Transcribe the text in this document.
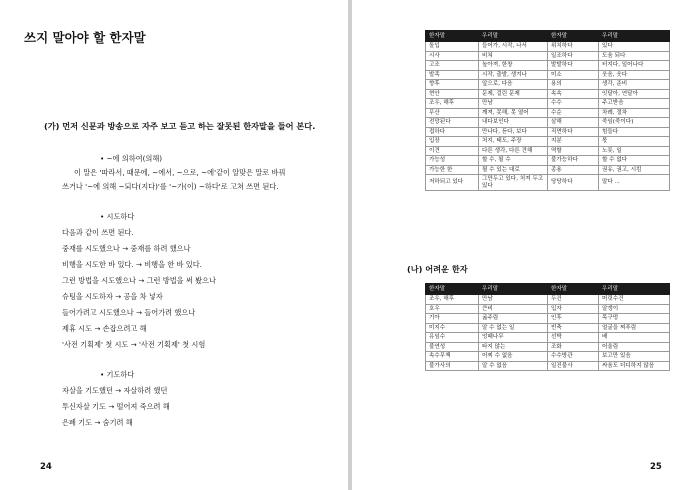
쓰지 말아야 할 한자말
(가) 먼저 신문과 방송으로 자주 보고 듣고 하는 잘못된 한자말을 들어 본다.
• ~에 의하여(의해)
이 말은 '따라서, 때문에, ~에서, ~으로, ~에'같이 알맞은 말로 바꿔
쓰거나 '~에 의해 ~되다(지다)'를 '~가(이) ~하다'로 고쳐 쓰면 된다.
• 시도하다
다음과 같이 쓰면 된다.
중재를 시도했으나 → 중재를 하려 했으나
비행을 시도한 바 있다. → 비행을 한 바 있다.
그런 방법을 시도했으나 → 그런 방법을 써 봤으나
슈팅을 시도하자 → 공을 차 넣자
들어가려고 시도했으나 → 들어가려 했으나
제휴 시도 → 손잡으려고 해
'사전 기획제' 첫 시도 → '사전 기획제' 첫 시험
• 기도하다
자살을 기도했던 → 자살하려 했던
투신자살 기도 → 떨어져 죽으려 해
은폐 기도 → 숨기려 해
24
한자말	우리말	한자말	우리말
돌입	들어가, 시작, 나서	위치하다	있다
시사	비쳐	일조하다	도움 되다
고조	높아져, 한창	발발하다	터지다, 일어나다
발족	시작, 출발, 생겨나	미소	웃음, 웃다
향후	앞으로, 다음	용의	생각, 준비
현안	문제, 걸린 문제	속속	잇달아, 연달아
조우, 해후	만남	수수	주고받음
무산	깨져, 못해, 못 열어	수순	차례, 절차
전망된다	내다보인다	살해	죽임(죽이다)
접하다	만나다, 듣다, 보다	직면하다	힘들다
입장	처지, 태도, 주장	지분	몫
이견	다른 생각, 다른 견해	역할	노릇, 일
가능성	할 수, 될 수	불가능하다	할 수 없다
가능한 한	될 수 있는 대로	종용	권유, 권고, 시킴
저하되고 있다	그만두고 있다, 처져 두고 있다	당당하다	말다 ...
(나) 어려운 한자
한자말	우리말	한자말	우리말
조우, 해후	만남	두건	머릿수건
호우	큰비	입자	알갱이
기아	굶주림	인후	목구멍
미지수	알 수 없는 일	빈축	얼굴을 찌푸림
유임수	엉때나무	선박	배
불연성	타지 않는	조화	어울림
속수무책	어찌 수 없음	수수방관	보고만 있음
불가사의	알 수 없음	일진불사	싸움도 더디하지 않음
25
